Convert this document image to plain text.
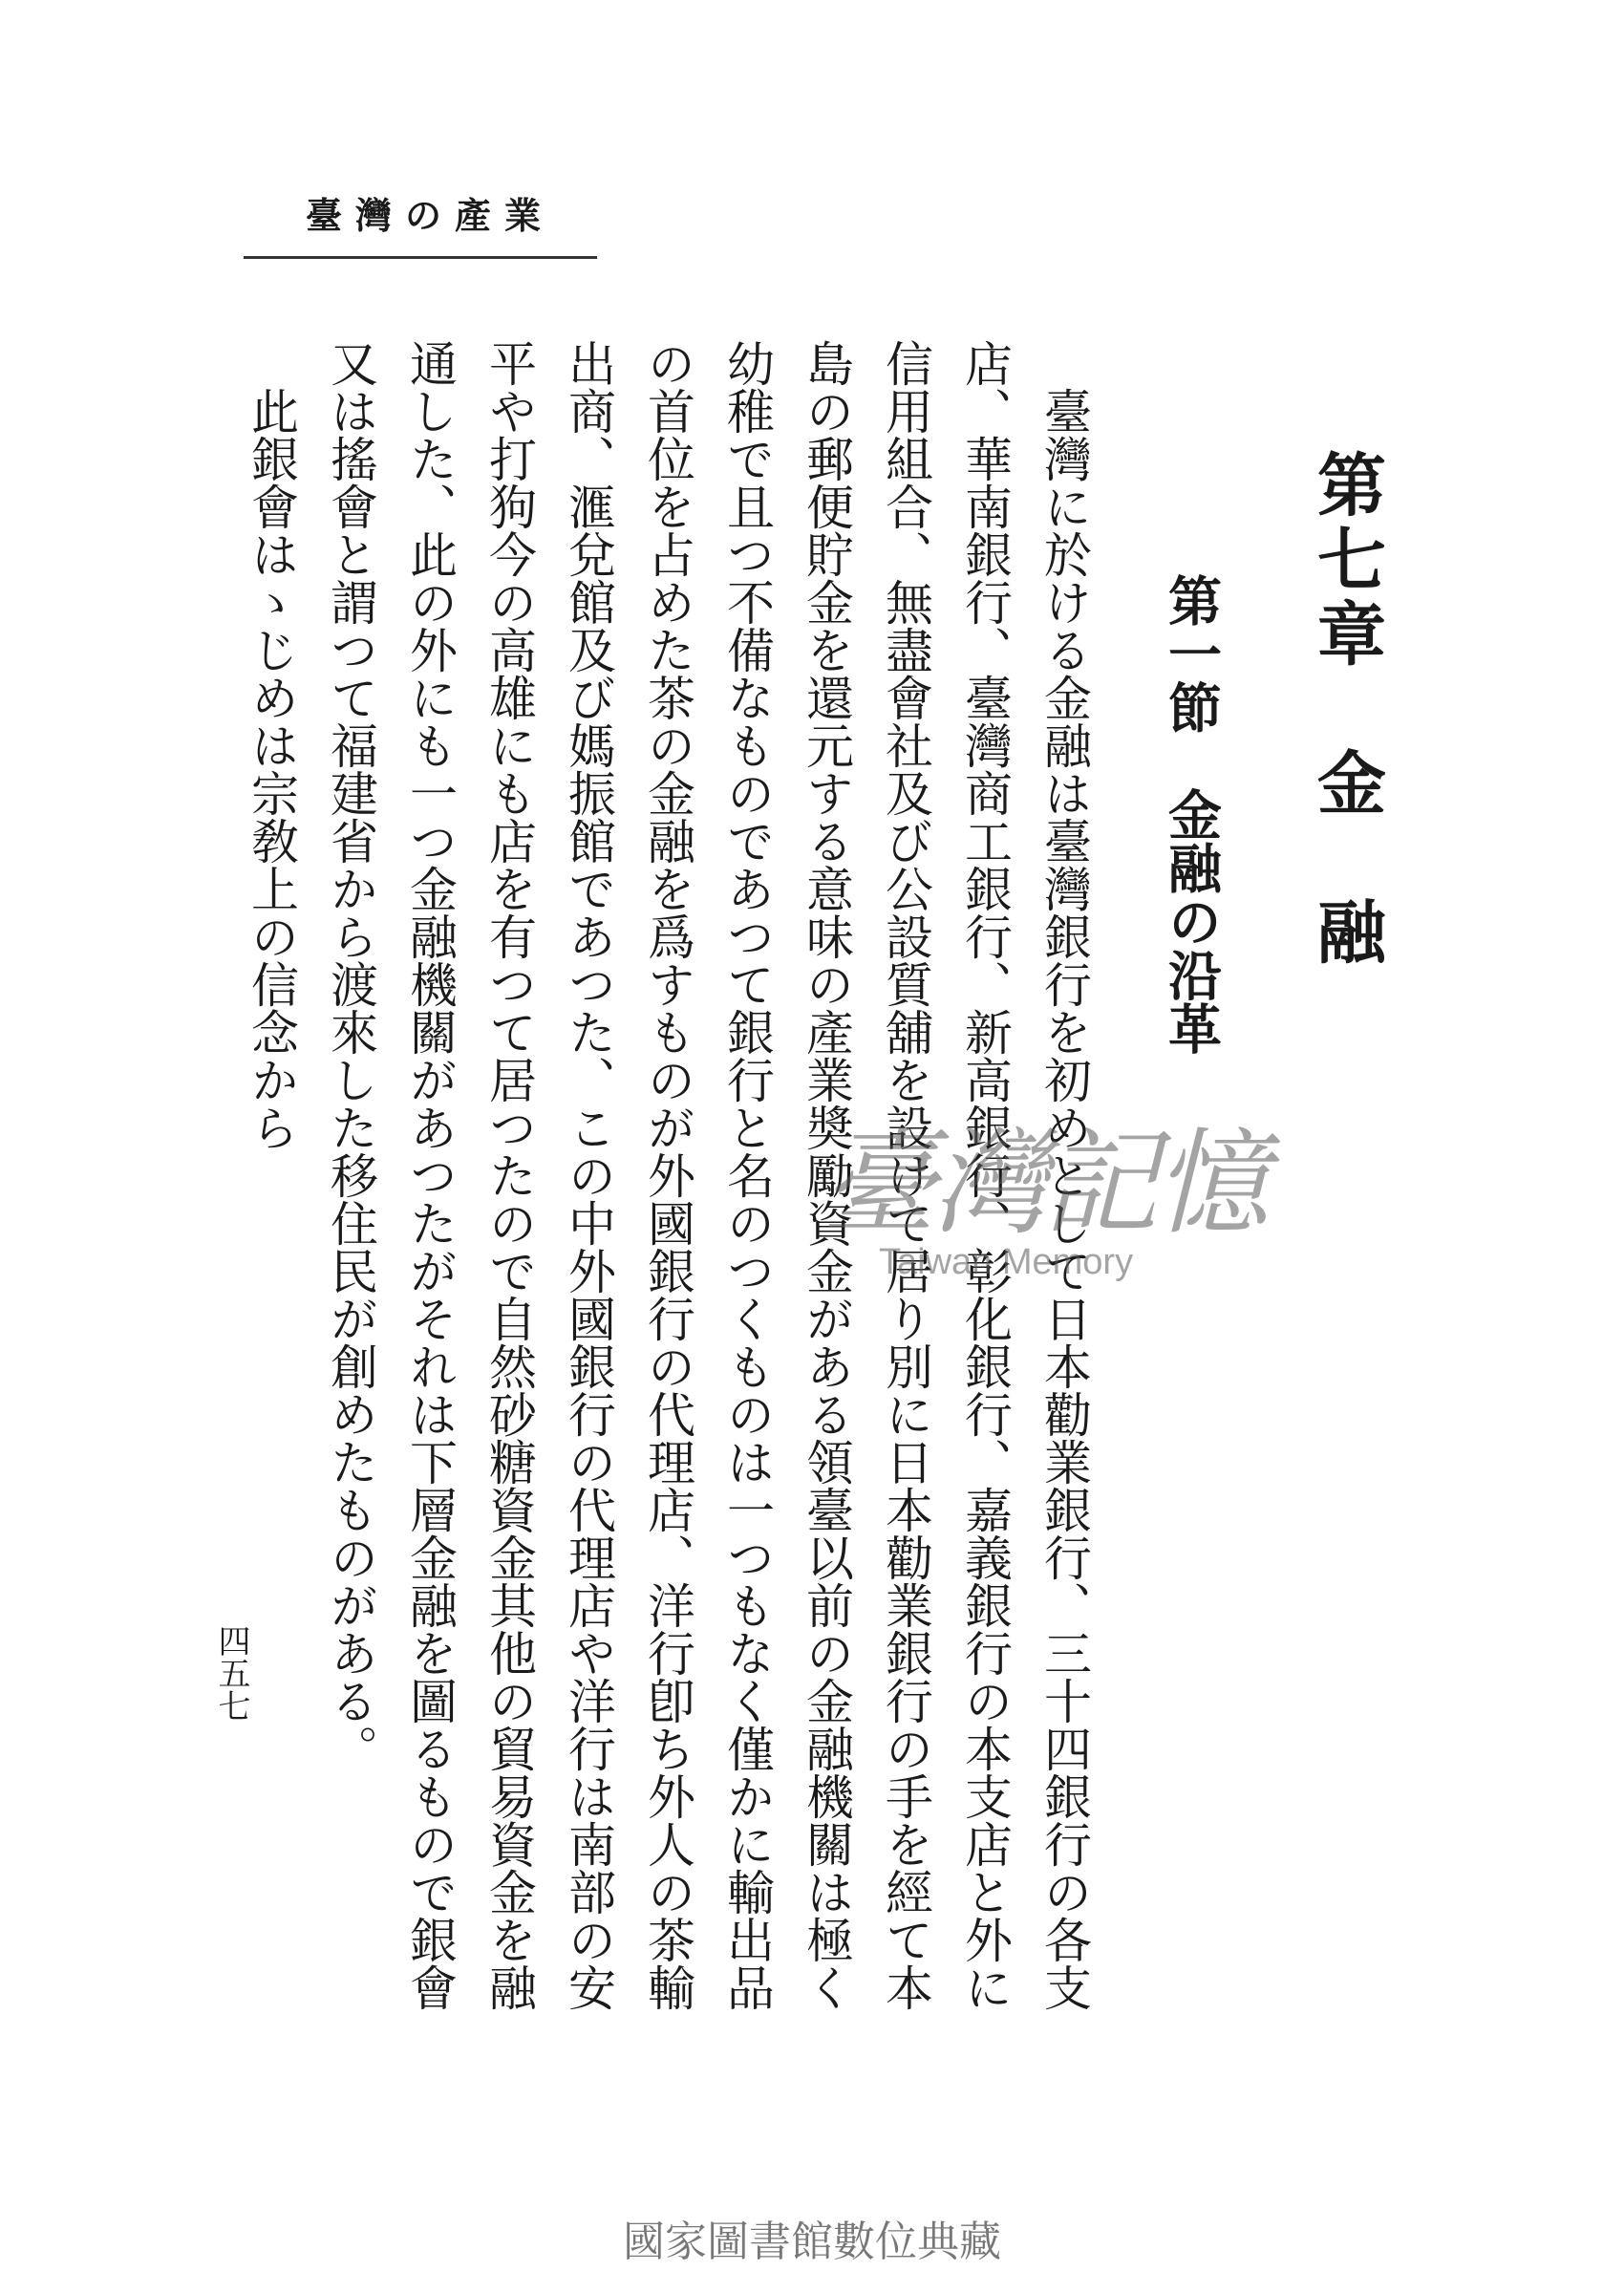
臺灣の產業
第七章　金　融
第一節　金融の沿革

臺灣に於ける金融は臺灣銀行を初めとして日本勸業銀行、三十四銀行の各支店、華南銀行、臺灣商工銀行、新高銀行、彰化銀行、嘉義銀行の本支店と外に信用組合、無盡會社及び公設質舖を設けて居り別に日本勸業銀行の手を經て本島の郵便貯金を還元する意味の產業奬勵資金がある領臺以前の金融機關は極く幼稚で且つ不備なものであつて銀行と名のつくものは一つもなく僅かに輸出品の首位を占めた茶の金融を爲すものが外國銀行の代理店、洋行卽ち外人の茶輸出商、滙兌館及び媽振館であつた、この中外國銀行の代理店や洋行は南部の安平や打狗今の高雄にも店を有つて居つたので自然砂糖資金其他の貿易資金を融通した、此の外にも一つ金融機關があつたがそれは下層金融を圖るもので銀會又は搖會と謂つて福建省から渡來した移住民が創めたものがある。

此銀會はゝじめは宗敎上の信念から

四五七
臺灣記憶
Taiwan Memory
國家圖書館數位典藏
